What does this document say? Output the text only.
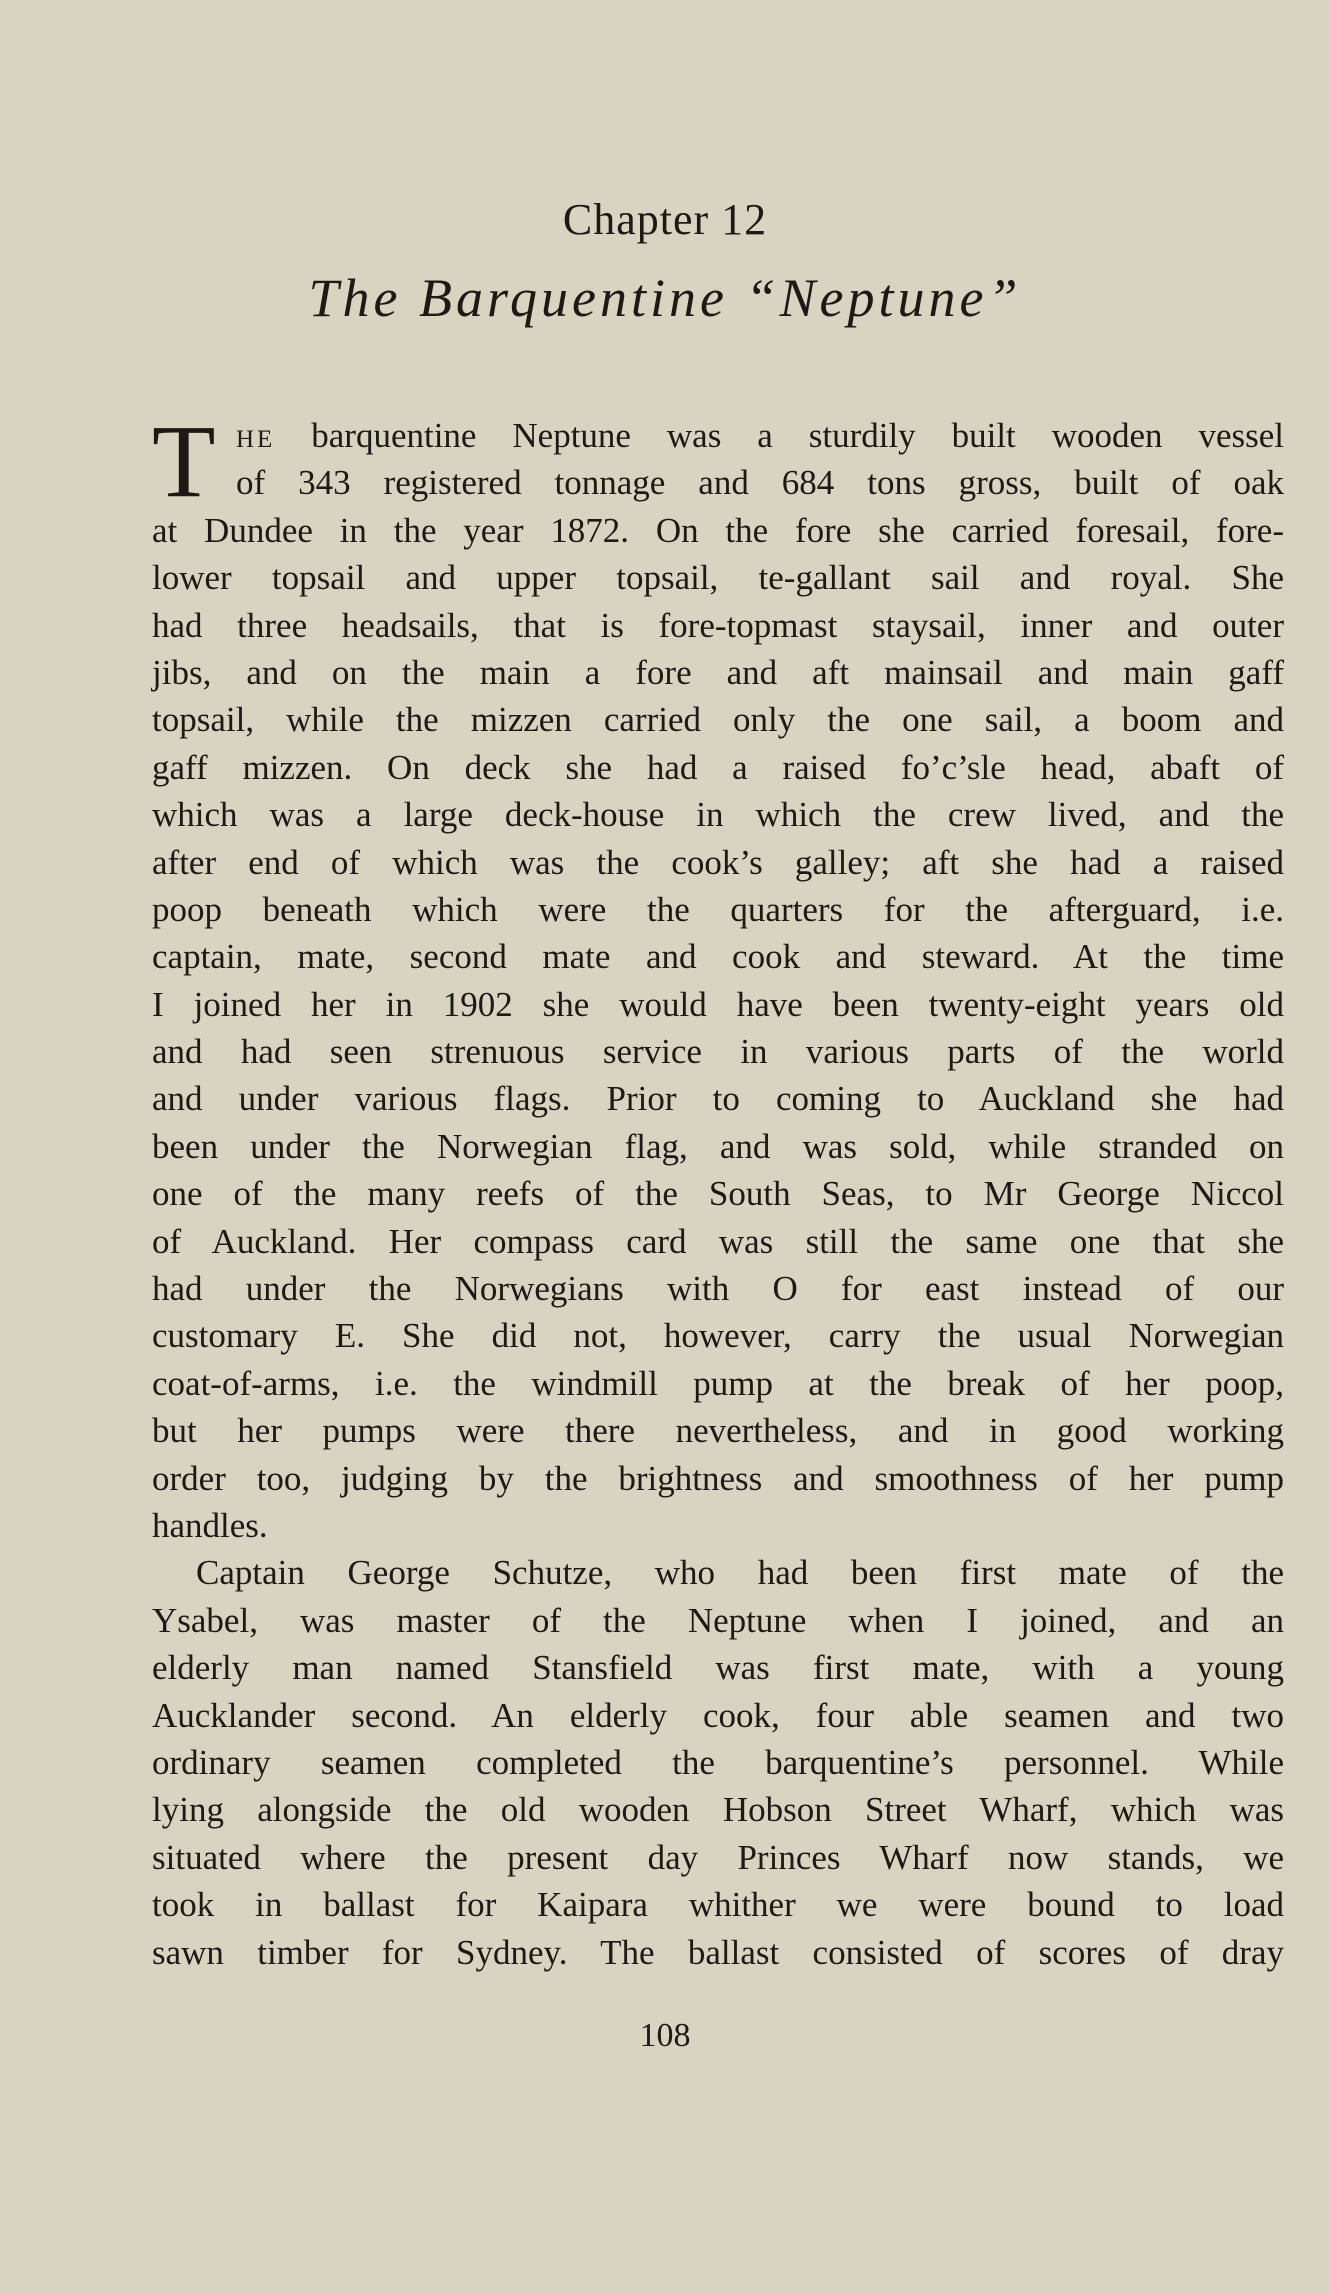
Chapter 12
The Barquentine “Neptune”
T he barquentine Neptune was a sturdily built wooden vessel
of 343 registered tonnage and 684 tons gross, built of oak
at Dundee in the year 1872. On the fore she carried foresail, fore-
lower topsail and upper topsail, te-gallant sail and royal. She
had three headsails, that is fore-topmast staysail, inner and outer
jibs, and on the main a fore and aft mainsail and main gaff
topsail, while the mizzen carried only the one sail, a boom and
gaff mizzen. On deck she had a raised fo’c’sle head, abaft of
which was a large deck-house in which the crew lived, and the
after end of which was the cook’s galley; aft she had a raised
poop beneath which were the quarters for the afterguard, i.e.
captain, mate, second mate and cook and steward. At the time
I joined her in 1902 she would have been twenty-eight years old
and had seen strenuous service in various parts of the world
and under various flags. Prior to coming to Auckland she had
been under the Norwegian flag, and was sold, while stranded on
one of the many reefs of the South Seas, to Mr George Niccol
of Auckland. Her compass card was still the same one that she
had under the Norwegians with O for east instead of our
customary E. She did not, however, carry the usual Norwegian
coat-of-arms, i.e. the windmill pump at the break of her poop,
but her pumps were there nevertheless, and in good working
order too, judging by the brightness and smoothness of her pump
handles.
Captain George Schutze, who had been first mate of the
Ysabel, was master of the Neptune when I joined, and an
elderly man named Stansfield was first mate, with a young
Aucklander second. An elderly cook, four able seamen and two
ordinary seamen completed the barquentine’s personnel. While
lying alongside the old wooden Hobson Street Wharf, which was
situated where the present day Princes Wharf now stands, we
took in ballast for Kaipara whither we were bound to load
sawn timber for Sydney. The ballast consisted of scores of dray
108
